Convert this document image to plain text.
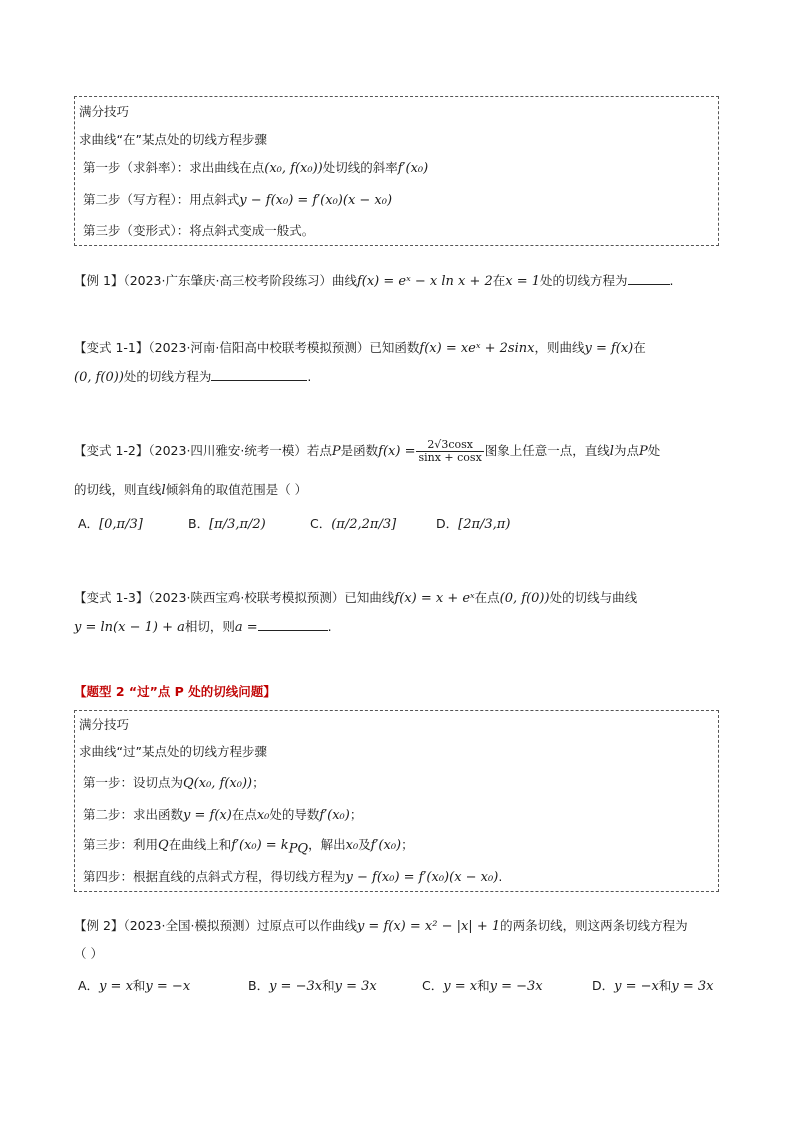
满分技巧
求曲线“在”某点处的切线方程步骤
第一步（求斜率）：求出曲线在点(x₀, f(x₀))处切线的斜率f′(x₀)
第二步（写方程）：用点斜式y − f(x₀) = f′(x₀)(x − x₀)
第三步（变形式）：将点斜式变成一般式。
【例 1】（2023·广东肇庆·高三校考阶段练习）曲线f(x) = eˣ − x ln x + 2在x = 1处的切线方程为	.
【变式 1-1】（2023·河南·信阳高中校联考模拟预测）已知函数f(x) = xeˣ + 2sinx，则曲线y = f(x)在
(0, f(0))处的切线方程为	.
【变式 1-2】（2023·四川雅安·统考一模）若点P是函数$f(x) = \frac{2√3\cos x}{\sin x + \cos x}$ 图象上任意一点，直线l为点P处
的切线，则直线l倾斜角的取值范围是（ ）
A．[0,π/3]	B．[π/3,π/2)	C．(π/2,2π/3]	D．[2π/3,π)
【变式 1-3】（2023·陕西宝鸡·校联考模拟预测）已知曲线f(x) = x + eˣ在点(0, f(0))处的切线与曲线
y = ln(x − 1) + a相切，则a =	.
【题型 2 “过”点 P 处的切线问题】
满分技巧
求曲线“过”某点处的切线方程步骤
第一步：设切点为Q(x₀, f(x₀))；
第二步：求出函数y = f(x)在点x₀处的导数f′(x₀)；
第三步：利用Q在曲线上和$f'(x_0) = k_{PQ}$，解出x₀及f′(x₀)；
第四步：根据直线的点斜式方程，得切线方程为y − f(x₀) = f′(x₀)(x − x₀).
【例 2】（2023·全国·模拟预测）过原点可以作曲线y = f(x) = x² − |x| + 1的两条切线，则这两条切线方程为
（ ）
A．y = x和y = −x	B．y = −3x和y = 3x	C．y = x和y = −3x	D．y = −x和y = 3x
